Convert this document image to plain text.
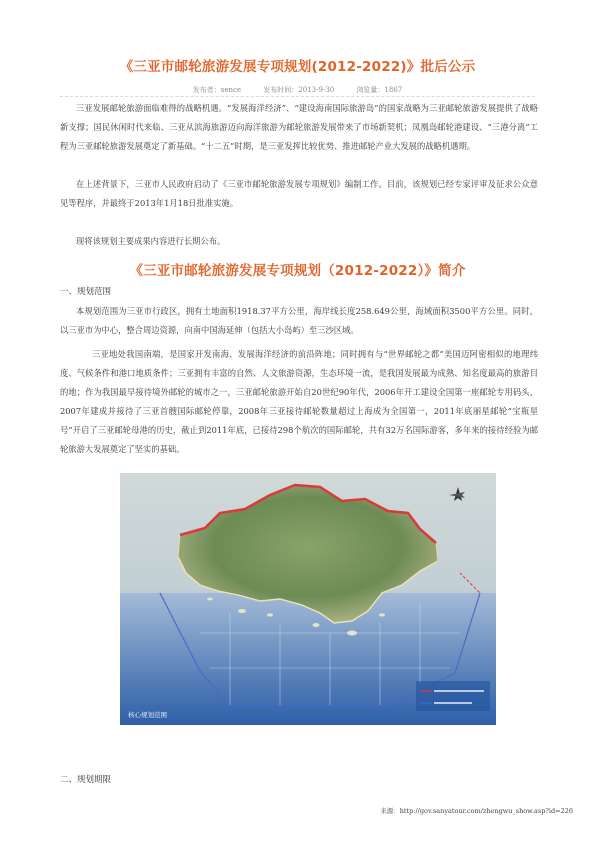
《三亚市邮轮旅游发展专项规划(2012-2022)》批后公示
发布者：sence	发布时间：2013-9-30	浏览量：1867

三亚发展邮轮旅游面临难得的战略机遇。“发展海洋经济”、“建设海南国际旅游岛”的国家战略为三亚邮轮旅游发展提供了战略新支撑；国民休闲时代来临、三亚从滨海旅游迈向海洋旅游为邮轮旅游发展带来了市场新契机；凤凰岛邮轮港建设、“三港分离”工程为三亚邮轮旅游发展奠定了新基础。“十二五”时期，是三亚发挥比较优势、推进邮轮产业大发展的战略机遇期。

在上述背景下，三亚市人民政府启动了《三亚市邮轮旅游发展专项规划》编制工作。目前，该规划已经专家评审及征求公众意见等程序，并最终于2013年1月18日批准实施。

现将该规划主要成果内容进行长期公布。

《三亚市邮轮旅游发展专项规划（2012-2022）》简介
一、规划范围

本规划范围为三亚市行政区，拥有土地面积1918.37平方公里，海岸线长度258.649公里，海域面积3500平方公里。同时，以三亚市为中心，整合周边资源，向南中国海延伸（包括大小岛屿）至三沙区域。

三亚地处我国南端，是国家开发南海、发展海洋经济的前沿阵地；同时拥有与“世界邮轮之都”美国迈阿密相似的地理纬度、气候条件和港口地质条件；三亚拥有丰富的自然、人文旅游资源，生态环境一流，是我国发展最为成熟、知名度最高的旅游目的地；作为我国最早接待境外邮轮的城市之一，三亚邮轮旅游开始自20世纪90年代，2006年开工建设全国第一座邮轮专用码头，2007年建成并接待了三亚首艘国际邮轮停靠，2008年三亚接待邮轮数量超过上海成为全国第一，2011年底丽星邮轮“宝瓶星号”开启了三亚邮轮母港的历史，截止到2011年底，已接待298个航次的国际邮轮，共有32万名国际游客，多年来的接待经验为邮轮旅游大发展奠定了坚实的基础。

核心规划范围
二、规划期限
来源：http://gov.sanyatour.com/zhengwu_show.asp?id=226
